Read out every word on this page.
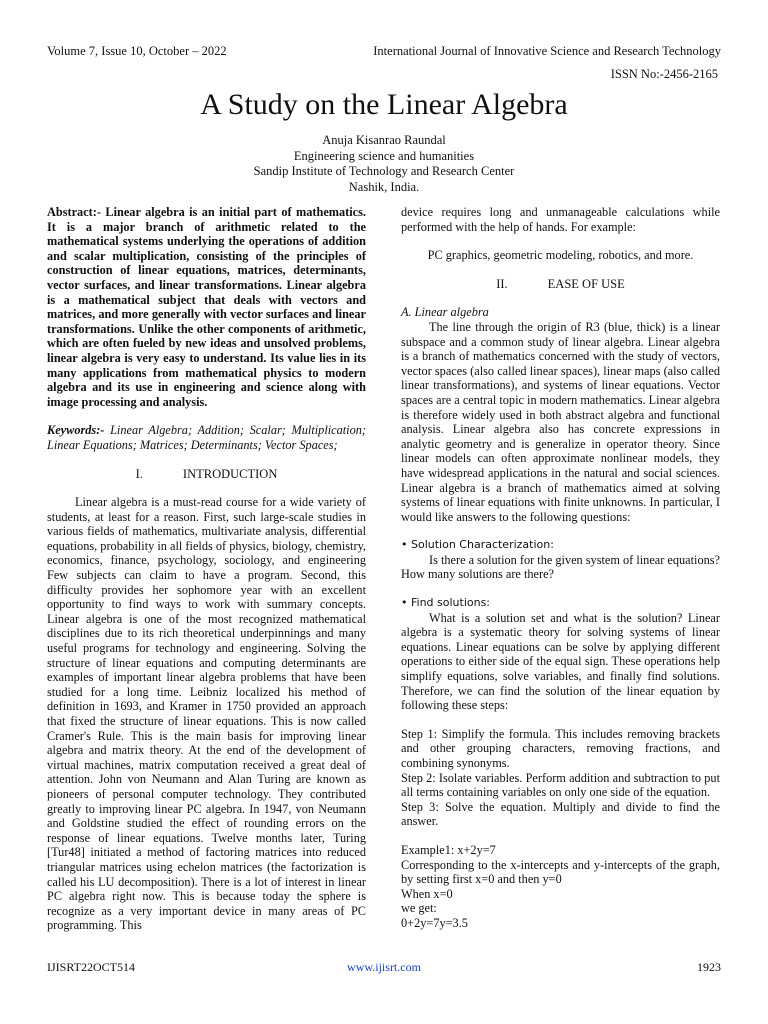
Volume 7, Issue 10, October – 2022	International Journal of Innovative Science and Research Technology
ISSN No:-2456-2165
A Study on the Linear Algebra
Anuja Kisanrao Raundal
Engineering science and humanities
Sandip Institute of Technology and Research Center
Nashik, India.

Abstract:- Linear algebra is an initial part of mathematics. It is a major branch of arithmetic related to the mathematical systems underlying the operations of addition and scalar multiplication, consisting of the principles of construction of linear equations, matrices, determinants, vector surfaces, and linear transformations. Linear algebra is a mathematical subject that deals with vectors and matrices, and more generally with vector surfaces and linear transformations. Unlike the other components of arithmetic, which are often fueled by new ideas and unsolved problems, linear algebra is very easy to understand. Its value lies in its many applications from mathematical physics to modern algebra and its use in engineering and science along with image processing and analysis.

Keywords:- Linear Algebra; Addition; Scalar; Multiplication; Linear Equations; Matrices; Determinants; Vector Spaces;

I.	INTRODUCTION

Linear algebra is a must-read course for a wide variety of students, at least for a reason. First, such large-scale studies in various fields of mathematics, multivariate analysis, differential equations, probability in all fields of physics, biology, chemistry, economics, finance, psychology, sociology, and engineering Few subjects can claim to have a program. Second, this difficulty provides her sophomore year with an excellent opportunity to find ways to work with summary concepts. Linear algebra is one of the most recognized mathematical disciplines due to its rich theoretical underpinnings and many useful programs for technology and engineering. Solving the structure of linear equations and computing determinants are examples of important linear algebra problems that have been studied for a long time. Leibniz localized his method of definition in 1693, and Kramer in 1750 provided an approach that fixed the structure of linear equations. This is now called Cramer's Rule. This is the main basis for improving linear algebra and matrix theory. At the end of the development of virtual machines, matrix computation received a great deal of attention. John von Neumann and Alan Turing are known as pioneers of personal computer technology. They contributed greatly to improving linear PC algebra. In 1947, von Neumann and Goldstine studied the effect of rounding errors on the response of linear equations. Twelve months later, Turing [Tur48] initiated a method of factoring matrices into reduced triangular matrices using echelon matrices (the factorization is called his LU decomposition). There is a lot of interest in linear PC algebra right now. This is because today the sphere is recognize as a very important device in many areas of PC programming. This

device requires long and unmanageable calculations while performed with the help of hands. For example:

PC graphics, geometric modeling, robotics, and more.

II.	EASE OF USE

A. Linear algebra

The line through the origin of R3 (blue, thick) is a linear subspace and a common study of linear algebra. Linear algebra is a branch of mathematics concerned with the study of vectors, vector spaces (also called linear spaces), linear maps (also called linear transformations), and systems of linear equations. Vector spaces are a central topic in modern mathematics. Linear algebra is therefore widely used in both abstract algebra and functional analysis. Linear algebra also has concrete expressions in analytic geometry and is generalize in operator theory. Since linear models can often approximate nonlinear models, they have widespread applications in the natural and social sciences. Linear algebra is a branch of mathematics aimed at solving systems of linear equations with finite unknowns. In particular, I would like answers to the following questions:

• Solution Characterization:

Is there a solution for the given system of linear equations? How many solutions are there?

• Find solutions:

What is a solution set and what is the solution? Linear algebra is a systematic theory for solving systems of linear equations. Linear equations can be solve by applying different operations to either side of the equal sign. These operations help simplify equations, solve variables, and finally find solutions. Therefore, we can find the solution of the linear equation by following these steps:

Step 1: Simplify the formula. This includes removing brackets and other grouping characters, removing fractions, and combining synonyms.

Step 2: Isolate variables. Perform addition and subtraction to put all terms containing variables on only one side of the equation.

Step 3: Solve the equation. Multiply and divide to find the answer.

Example1: x+2y=7

Corresponding to the x-intercepts and y-intercepts of the graph, by setting first x=0 and then y=0

When x=0

we get:

0+2y=7y=3.5

IJISRT22OCT514	www.ijisrt.com	1923
